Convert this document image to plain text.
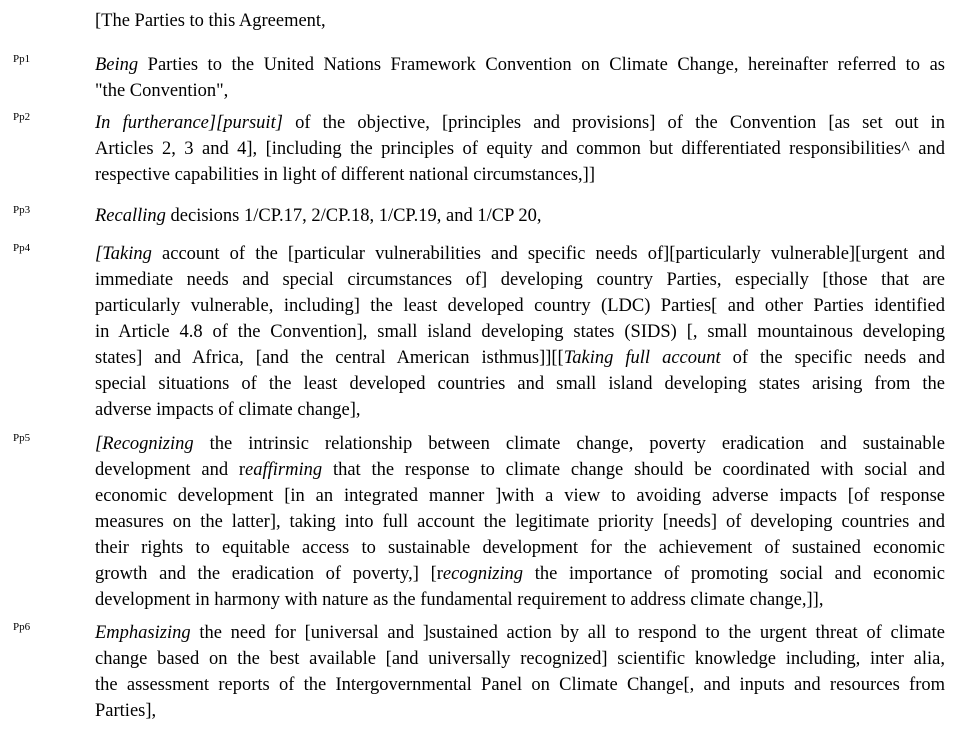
[The Parties to this Agreement,
Pp1	Being Parties to the United Nations Framework Convention on Climate Change, hereinafter referred to as
"the Convention",
Pp2	In furtherance][pursuit] of the objective, [principles and provisions] of the Convention [as set out in
Articles 2, 3 and 4], [including the principles of equity and common but differentiated responsibilities^ and
respective capabilities in light of different national circumstances,]]
Pp3	Recalling decisions 1/CP.17, 2/CP.18, 1/CP.19, and 1/CP 20,
Pp4	[Taking account of the [particular vulnerabilities and specific needs of][particularly vulnerable][urgent and
immediate needs and special circumstances of] developing country Parties, especially [those that are
particularly vulnerable, including] the least developed country (LDC) Parties[ and other Parties identified
in Article 4.8 of the Convention], small island developing states (SIDS) [, small mountainous developing
states] and Africa, [and the central American isthmus]][[Taking full account of the specific needs and
special situations of the least developed countries and small island developing states arising from the
adverse impacts of climate change],
Pp5	[Recognizing the intrinsic relationship between climate change, poverty eradication and sustainable
development and reaffirming that the response to climate change should be coordinated with social and
economic development [in an integrated manner ]with a view to avoiding adverse impacts [of response
measures on the latter], taking into full account the legitimate priority [needs] of developing countries and
their rights to equitable access to sustainable development for the achievement of sustained economic
growth and the eradication of poverty,] [recognizing the importance of promoting social and economic
development in harmony with nature as the fundamental requirement to address climate change,]],
Pp6	Emphasizing the need for [universal and ]sustained action by all to respond to the urgent threat of climate
change based on the best available [and universally recognized] scientific knowledge including, inter alia,
the assessment reports of the Intergovernmental Panel on Climate Change[, and inputs and resources from
Parties],
